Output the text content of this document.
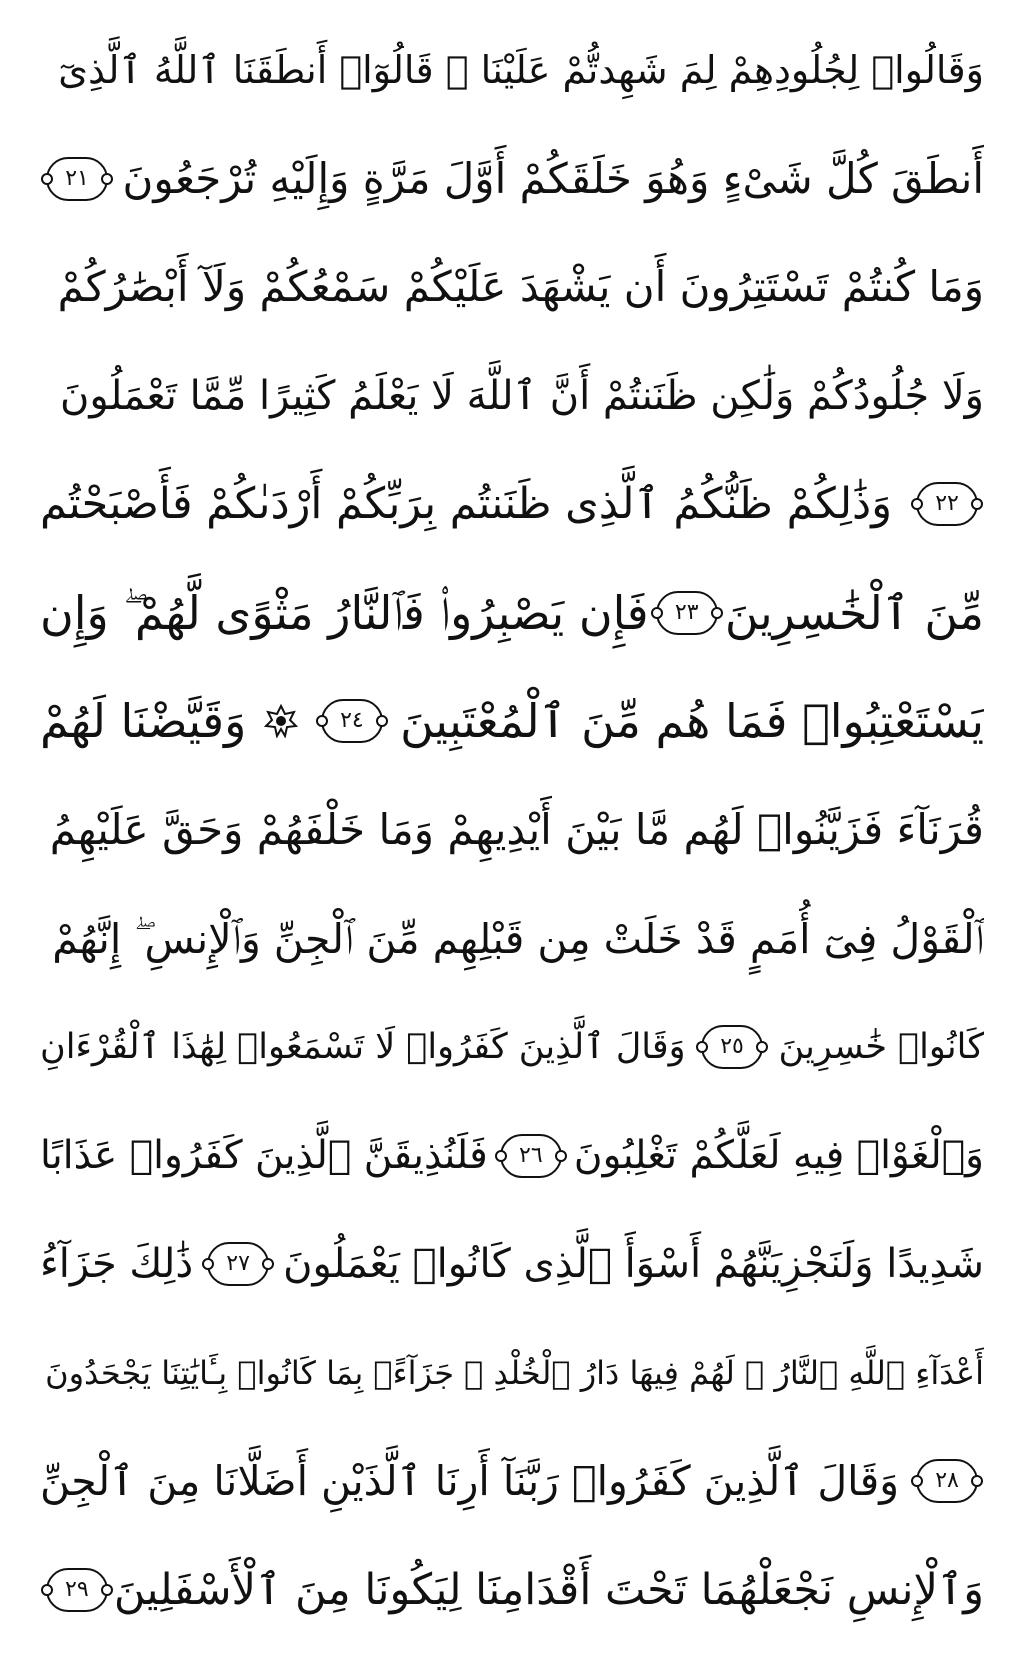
وَقَالُوا۟ لِجُلُودِهِمْ لِمَ شَهِدتُّمْ عَلَيْنَا ۖ قَالُوٓا۟ أَنطَقَنَا ٱللَّهُ ٱلَّذِىٓ
أَنطَقَ كُلَّ شَىْءٍ وَهُوَ خَلَقَكُمْ أَوَّلَ مَرَّةٍ وَإِلَيْهِ تُرْجَعُونَ
٢١
وَمَا كُنتُمْ تَسْتَتِرُونَ أَن يَشْهَدَ عَلَيْكُمْ سَمْعُكُمْ وَلَآ أَبْصَٰرُكُمْ
وَلَا جُلُودُكُمْ وَلَٰكِن ظَنَنتُمْ أَنَّ ٱللَّهَ لَا يَعْلَمُ كَثِيرًا مِّمَّا تَعْمَلُونَ
٢٢
وَذَٰلِكُمْ ظَنُّكُمُ ٱلَّذِى ظَنَنتُم بِرَبِّكُمْ أَرْدَىٰكُمْ فَأَصْبَحْتُم
مِّنَ ٱلْخَٰسِرِينَ
٢٣
فَإِن يَصْبِرُوا۟ فَٱلنَّارُ مَثْوًى لَّهُمْ ۖ وَإِن
يَسْتَعْتِبُوا۟ فَمَا هُم مِّنَ ٱلْمُعْتَبِينَ
٢٤
وَقَيَّضْنَا لَهُمْ
قُرَنَآءَ فَزَيَّنُوا۟ لَهُم مَّا بَيْنَ أَيْدِيهِمْ وَمَا خَلْفَهُمْ وَحَقَّ عَلَيْهِمُ
ٱلْقَوْلُ فِىٓ أُمَمٍ قَدْ خَلَتْ مِن قَبْلِهِم مِّنَ ٱلْجِنِّ وَٱلْإِنسِ ۖ إِنَّهُمْ
كَانُوا۟ خَٰسِرِينَ
٢٥
وَقَالَ ٱلَّذِينَ كَفَرُوا۟ لَا تَسْمَعُوا۟ لِهَٰذَا ٱلْقُرْءَانِ
وَٱلْغَوْا۟ فِيهِ لَعَلَّكُمْ تَغْلِبُونَ
٢٦
فَلَنُذِيقَنَّ ٱلَّذِينَ كَفَرُوا۟ عَذَابًا
شَدِيدًا وَلَنَجْزِيَنَّهُمْ أَسْوَأَ ٱلَّذِى كَانُوا۟ يَعْمَلُونَ
٢٧
ذَٰلِكَ جَزَآءُ
أَعْدَآءِ ٱللَّهِ ٱلنَّارُ ۖ لَهُمْ فِيهَا دَارُ ٱلْخُلْدِ ۖ جَزَآءًۢ بِمَا كَانُوا۟ بِـَٔايَٰتِنَا يَجْحَدُونَ
٢٨
وَقَالَ ٱلَّذِينَ كَفَرُوا۟ رَبَّنَآ أَرِنَا ٱلَّذَيْنِ أَضَلَّانَا مِنَ ٱلْجِنِّ
وَٱلْإِنسِ نَجْعَلْهُمَا تَحْتَ أَقْدَامِنَا لِيَكُونَا مِنَ ٱلْأَسْفَلِينَ
٢٩
